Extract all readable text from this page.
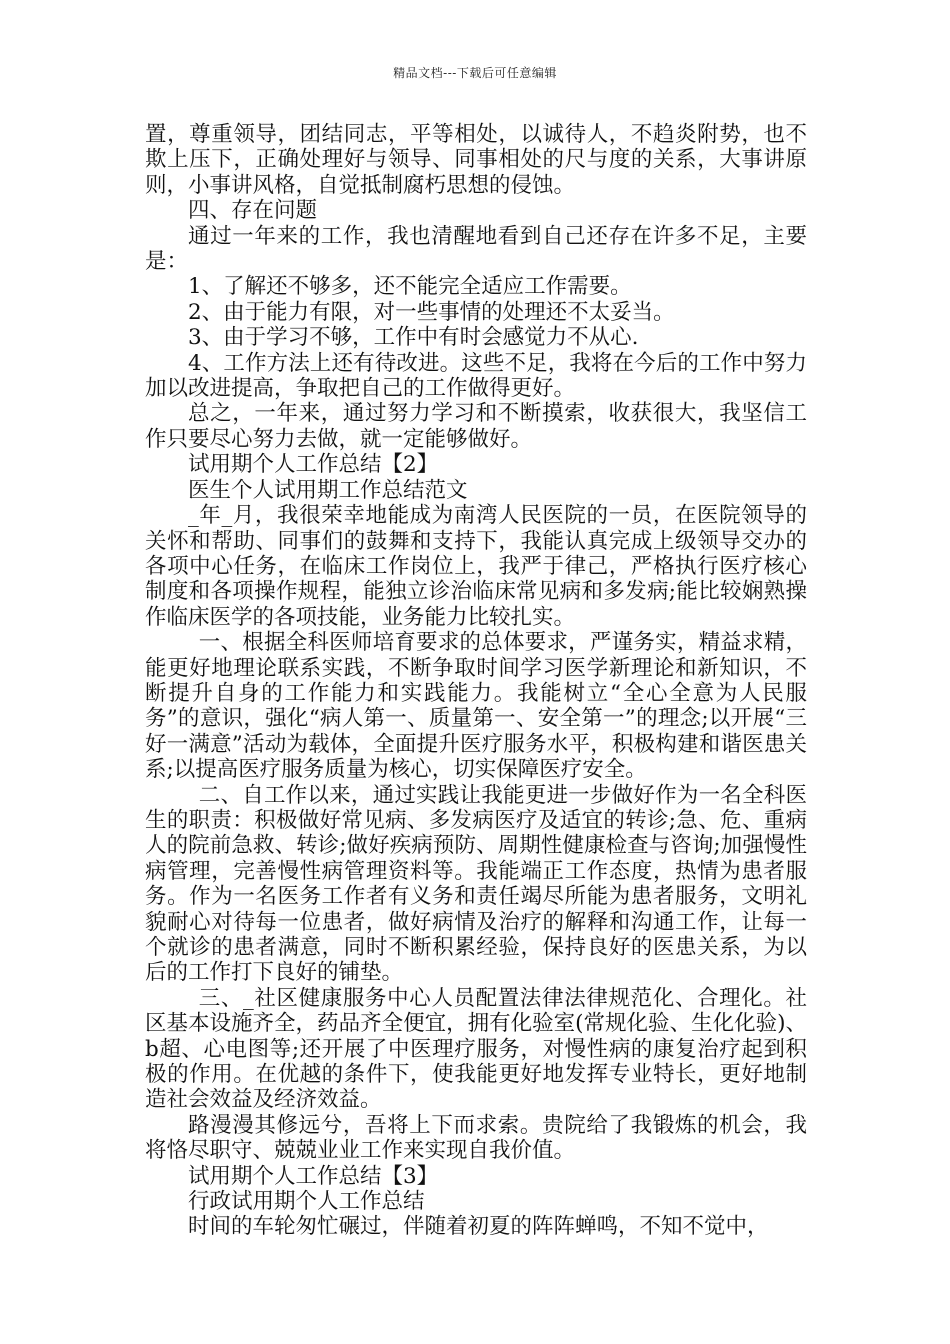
精品文档---下载后可任意编辑

置，尊重领导，团结同志，平等相处，以诚待人，不趋炎附势，也不欺上压下，正确处理好与领导、同事相处的尺与度的关系，大事讲原则，小事讲风格，自觉抵制腐朽思想的侵蚀。

四、存在问题

通过一年来的工作，我也清醒地看到自己还存在许多不足，主要是：

1、了解还不够多，还不能完全适应工作需要。

2、由于能力有限，对一些事情的处理还不太妥当。

3、由于学习不够，工作中有时会感觉力不从心.

4、工作方法上还有待改进。这些不足，我将在今后的工作中努力加以改进提高，争取把自己的工作做得更好。

总之，一年来，通过努力学习和不断摸索，收获很大，我坚信工作只要尽心努力去做，就一定能够做好。

试用期个人工作总结【2】

医生个人试用期工作总结范文

_年_月，我很荣幸地能成为南湾人民医院的一员，在医院领导的关怀和帮助、同事们的鼓舞和支持下，我能认真完成上级领导交办的各项中心任务，在临床工作岗位上，我严于律己，严格执行医疗核心制度和各项操作规程，能独立诊治临床常见病和多发病;能比较娴熟操作临床医学的各项技能，业务能力比较扎实。

一、根据全科医师培育要求的总体要求，严谨务实，精益求精，能更好地理论联系实践，不断争取时间学习医学新理论和新知识，不断提升自身的工作能力和实践能力。我能树立“全心全意为人民服务”的意识，强化“病人第一、质量第一、安全第一”的理念;以开展“三好一满意”活动为载体，全面提升医疗服务水平，积极构建和谐医患关系;以提高医疗服务质量为核心，切实保障医疗安全。

二、自工作以来，通过实践让我能更进一步做好作为一名全科医生的职责：积极做好常见病、多发病医疗及适宜的转诊;急、危、重病人的院前急救、转诊;做好疾病预防、周期性健康检查与咨询;加强慢性病管理，完善慢性病管理资料等。我能端正工作态度，热情为患者服务。作为一名医务工作者有义务和责任竭尽所能为患者服务，文明礼貌耐心对待每一位患者，做好病情及治疗的解释和沟通工作，让每一个就诊的患者满意，同时不断积累经验，保持良好的医患关系，为以后的工作打下良好的铺垫。

三、_社区健康服务中心人员配置法律法律规范化、合理化。社区基本设施齐全，药品齐全便宜，拥有化验室(常规化验、生化化验)、b超、心电图等;还开展了中医理疗服务，对慢性病的康复治疗起到积极的作用。在优越的条件下，使我能更好地发挥专业特长，更好地制造社会效益及经济效益。

路漫漫其修远兮，吾将上下而求索。贵院给了我锻炼的机会，我将恪尽职守、兢兢业业工作来实现自我价值。

试用期个人工作总结【3】

行政试用期个人工作总结

时间的车轮匆忙碾过，伴随着初夏的阵阵蝉鸣，不知不觉中，
